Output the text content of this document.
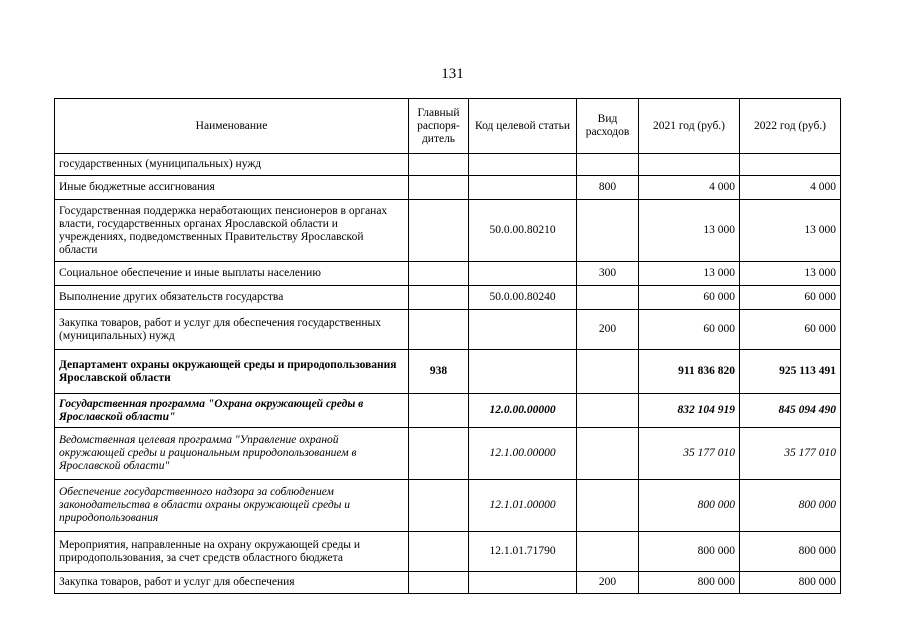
131
Наименование	Главный распоря-дитель	Код целевой статьи	Вид расходов	2021 год (руб.)	2022 год (руб.)
государственных (муниципальных) нужд					
Иные бюджетные ассигнования			800	4 000	4 000
Государственная поддержка неработающих пенсионеров в органах власти, государственных органах Ярославской области и учреждениях, подведомственных Правительству Ярославской области		50.0.00.80210		13 000	13 000
Социальное обеспечение и иные выплаты населению			300	13 000	13 000
Выполнение других обязательств государства		50.0.00.80240		60 000	60 000
Закупка товаров, работ и услуг для обеспечения государственных (муниципальных) нужд			200	60 000	60 000
Департамент охраны окружающей среды и природопользования Ярославской области	938			911 836 820	925 113 491
Государственная программа "Охрана окружающей среды в Ярославской области"		12.0.00.00000		832 104 919	845 094 490
Ведомственная целевая программа "Управление охраной окружающей среды и рациональным природопользованием в Ярославской области"		12.1.00.00000		35 177 010	35 177 010
Обеспечение государственного надзора за соблюдением законодательства в области охраны окружающей среды и природопользования		12.1.01.00000		800 000	800 000
Мероприятия, направленные на охрану окружающей среды и природопользования, за счет средств областного бюджета		12.1.01.71790		800 000	800 000
Закупка товаров, работ и услуг для обеспечения			200	800 000	800 000
